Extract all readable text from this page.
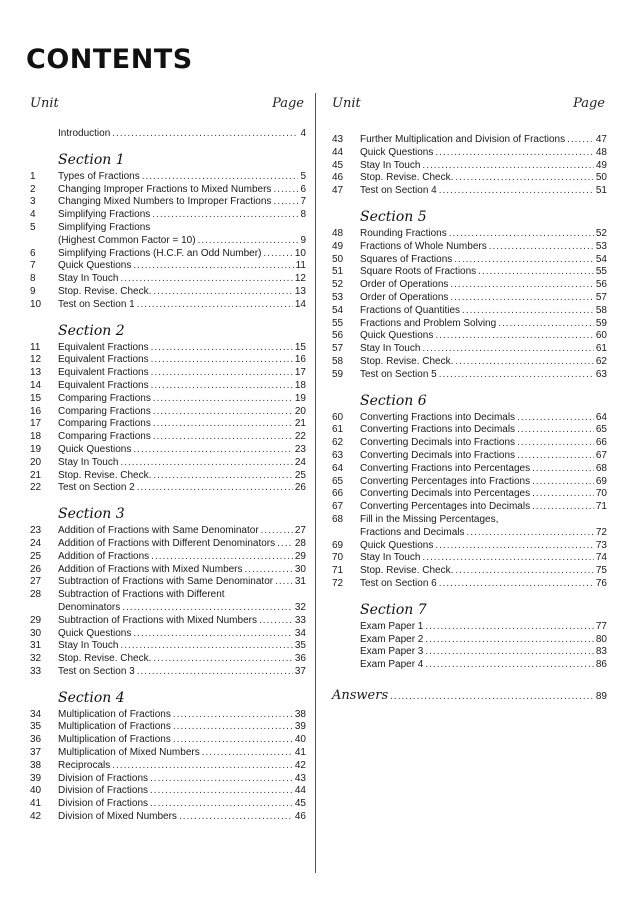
CONTENTS
Unit	Page
Introduction .....	4
Section 1
1	Types of Fractions .....	5
2	Changing Improper Fractions to Mixed Numbers .....	6
3	Changing Mixed Numbers to Improper Fractions .....	7
4	Simplifying Fractions .....	8
5	Simplifying Fractions
(Highest Common Factor = 10) .....	9
6	Simplifying Fractions (H.C.F. an Odd Number) .....	10
7	Quick Questions .....	11
8	Stay In Touch .....	12
9	Stop. Revise. Check. .....	13
10	Test on Section 1 .....	14
Section 2
11	Equivalent Fractions .....	15
12	Equivalent Fractions .....	16
13	Equivalent Fractions .....	17
14	Equivalent Fractions .....	18
15	Comparing Fractions .....	19
16	Comparing Fractions .....	20
17	Comparing Fractions .....	21
18	Comparing Fractions .....	22
19	Quick Questions .....	23
20	Stay In Touch .....	24
21	Stop. Revise. Check. .....	25
22	Test on Section 2 .....	26
Section 3
23	Addition of Fractions with Same Denominator .....	27
24	Addition of Fractions with Different Denominators ..... 28
25	Addition of Fractions .....	29
26	Addition of Fractions with Mixed Numbers .....	30
27	Subtraction of Fractions with Same Denominator ..... 31
28	Subtraction of Fractions with Different
Denominators .....	32
29	Subtraction of Fractions with Mixed Numbers .....	33
30	Quick Questions .....	34
31	Stay In Touch .....	35
32	Stop. Revise. Check. .....	36
33	Test on Section 3 .....	37
Section 4
34	Multiplication of Fractions .....	38
35	Multiplication of Fractions .....	39
36	Multiplication of Fractions .....	40
37	Multiplication of Mixed Numbers .....	41
38	Reciprocals .....	42
39	Division of Fractions .....	43
40	Division of Fractions .....	44
41	Division of Fractions .....	45
42	Division of Mixed Numbers .....	46
Unit	Page
43	Further Multiplication and Division of Fractions .....	47
44	Quick Questions .....	48
45	Stay In Touch .....	49
46	Stop. Revise. Check. .....	50
47	Test on Section 4 .....	51
Section 5
48	Rounding Fractions .....	52
49	Fractions of Whole Numbers .....	53
50	Squares of Fractions .....	54
51	Square Roots of Fractions .....	55
52	Order of Operations .....	56
53	Order of Operations .....	57
54	Fractions of Quantities .....	58
55	Fractions and Problem Solving .....	59
56	Quick Questions .....	60
57	Stay In Touch .....	61
58	Stop. Revise. Check. .....	62
59	Test on Section 5 .....	63
Section 6
60	Converting Fractions into Decimals .....	64
61	Converting Fractions into Decimals .....	65
62	Converting Decimals into Fractions .....	66
63	Converting Decimals into Fractions .....	67
64	Converting Fractions into Percentages .....	68
65	Converting Percentages into Fractions .....	69
66	Converting Decimals into Percentages .....	70
67	Converting Percentages into Decimals .....	71
68	Fill in the Missing Percentages,
Fractions and Decimals .....	72
69	Quick Questions .....	73
70	Stay In Touch .....	74
71	Stop. Revise. Check. .....	75
72	Test on Section 6 .....	76
Section 7
Exam Paper 1 .....	77
Exam Paper 2 .....	80
Exam Paper 3 .....	83
Exam Paper 4 .....	86
Answers .....	89
